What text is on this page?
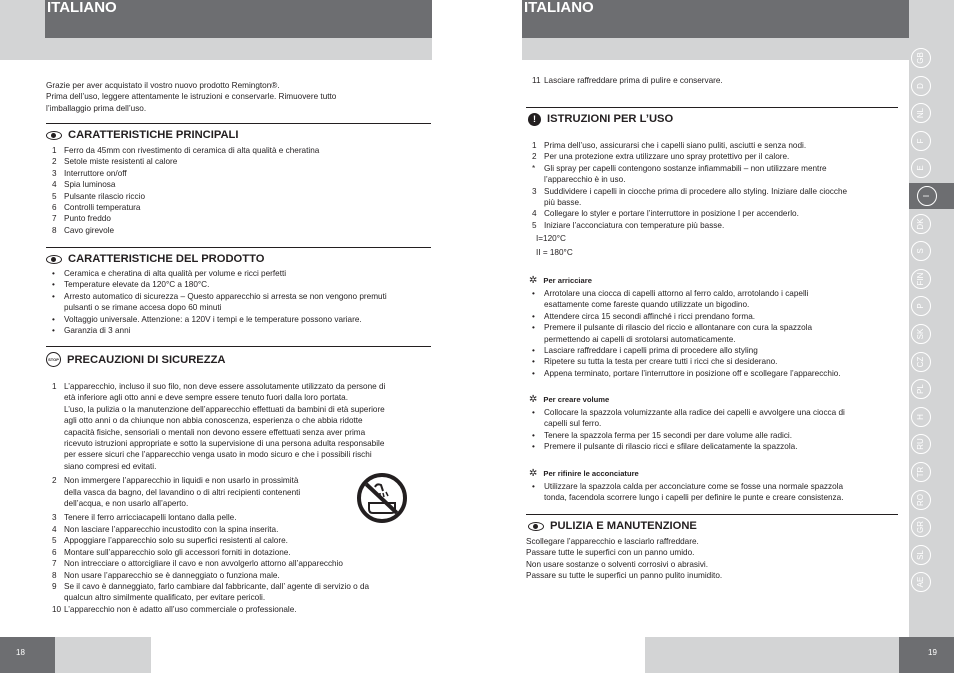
ITALIANO	ITALIANO
GB
D
NL
F
E
I
DK
S
FIN
P
SK
CZ
PL
H
RU
TR
RO
GR
SL
AE
18	19
Grazie per aver acquistato il vostro nuovo prodotto Remington®.
Prima dell’uso, leggere attentamente le istruzioni e conservarle. Rimuovere tutto
l’imballaggio prima dell’uso.
CARATTERISTICHE PRINCIPALI
1 Ferro da 45mm con rivestimento di ceramica di alta qualità e cheratina
2 Setole miste resistenti al calore
3 Interruttore on/off
4 Spia luminosa
5 Pulsante rilascio riccio
6 Controlli temperatura
7 Punto freddo
8 Cavo girevole
CARATTERISTICHE DEL PRODOTTO
• Ceramica e cheratina di alta qualità per volume e ricci perfetti
• Temperature elevate da 120°C a 180°C.
• Arresto automatico di sicurezza – Questo apparecchio si arresta se non vengono premuti
pulsanti o se rimane accesa dopo 60 minuti
• Voltaggio universale. Attenzione: a 120V i tempi e le temperature possono variare.
• Garanzia di 3 anni
STOP PRECAUZIONI DI SICUREZZA
1 L’apparecchio, incluso il suo filo, non deve essere assolutamente utilizzato da persone di
età inferiore agli otto anni e deve sempre essere tenuto fuori dalla loro portata.
L’uso, la pulizia o la manutenzione dell’apparecchio effettuati da bambini di età superiore
agli otto anni o da chiunque non abbia conoscenza, esperienza o che abbia ridotte
capacità fisiche, sensoriali o mentali non devono essere effettuati senza aver prima
ricevuto istruzioni appropriate e sotto la supervisione di una persona adulta responsabile
per essere sicuri che l’apparecchio venga usato in modo sicuro e che i possibili rischi
siano compresi ed evitati.
2 Non immergere l’apparecchio in liquidi e non usarlo in prossimità
della vasca da bagno, del lavandino o di altri recipienti contenenti
dell’acqua, e non usarlo all’aperto.
3 Tenere il ferro arricciacapelli lontano dalla pelle.
4 Non lasciare l’apparecchio incustodito con la spina inserita.
5 Appoggiare l’apparecchio solo su superfici resistenti al calore.
6 Montare sull’apparecchio solo gli accessori forniti in dotazione.
7 Non intrecciare o attorcigliare il cavo e non avvolgerlo attorno all’apparecchio
8 Non usare l’apparecchio se è danneggiato o funziona male.
9 Se il cavo è danneggiato, farlo cambiare dal fabbricante, dall’ agente di servizio o da
qualcun altro similmente qualificato, per evitare pericoli.
10 L’apparecchio non è adatto all’uso commerciale o professionale.
11 Lasciare raffreddare prima di pulire e conservare.
! ISTRUZIONI PER L’USO
1 Prima dell’uso, assicurarsi che i capelli siano puliti, asciutti e senza nodi.
2 Per una protezione extra utilizzare uno spray protettivo per il calore.
* Gli spray per capelli contengono sostanze infiammabili – non utilizzare mentre
l’apparecchio è in uso.
3 Suddividere i capelli in ciocche prima di procedere allo styling. Iniziare dalle ciocche
più basse.
4 Collegare lo styler e portare l’interruttore in posizione I per accenderlo.
5 Iniziare l’acconciatura con temperature più basse.
I=120°C
II = 180°C
✲ Per arricciare
• Arrotolare una ciocca di capelli attorno al ferro caldo, arrotolando i capelli
esattamente come fareste quando utilizzate un bigodino.
• Attendere circa 15 secondi affinché i ricci prendano forma.
• Premere il pulsante di rilascio del riccio e allontanare con cura la spazzola
permettendo ai capelli di srotolarsi automaticamente.
• Lasciare raffreddare i capelli prima di procedere allo styling
• Ripetere su tutta la testa per creare tutti i ricci che si desiderano.
• Appena terminato, portare l’interruttore in posizione off e scollegare l’apparecchio.
✲ Per creare volume
• Collocare la spazzola volumizzante alla radice dei capelli e avvolgere una ciocca di
capelli sul ferro.
• Tenere la spazzola ferma per 15 secondi per dare volume alle radici.
• Premere il pulsante di rilascio ricci e sfilare delicatamente la spazzola.
✲ Per rifinire le acconciature
• Utilizzare la spazzola calda per acconciature come se fosse una normale spazzola
tonda, facendola scorrere lungo i capelli per definire le punte e creare consistenza.
PULIZIA E MANUTENZIONE
Scollegare l’apparecchio e lasciarlo raffreddare.
Passare tutte le superfici con un panno umido.
Non usare sostanze o solventi corrosivi o abrasivi.
Passare su tutte le superfici un panno pulito inumidito.
